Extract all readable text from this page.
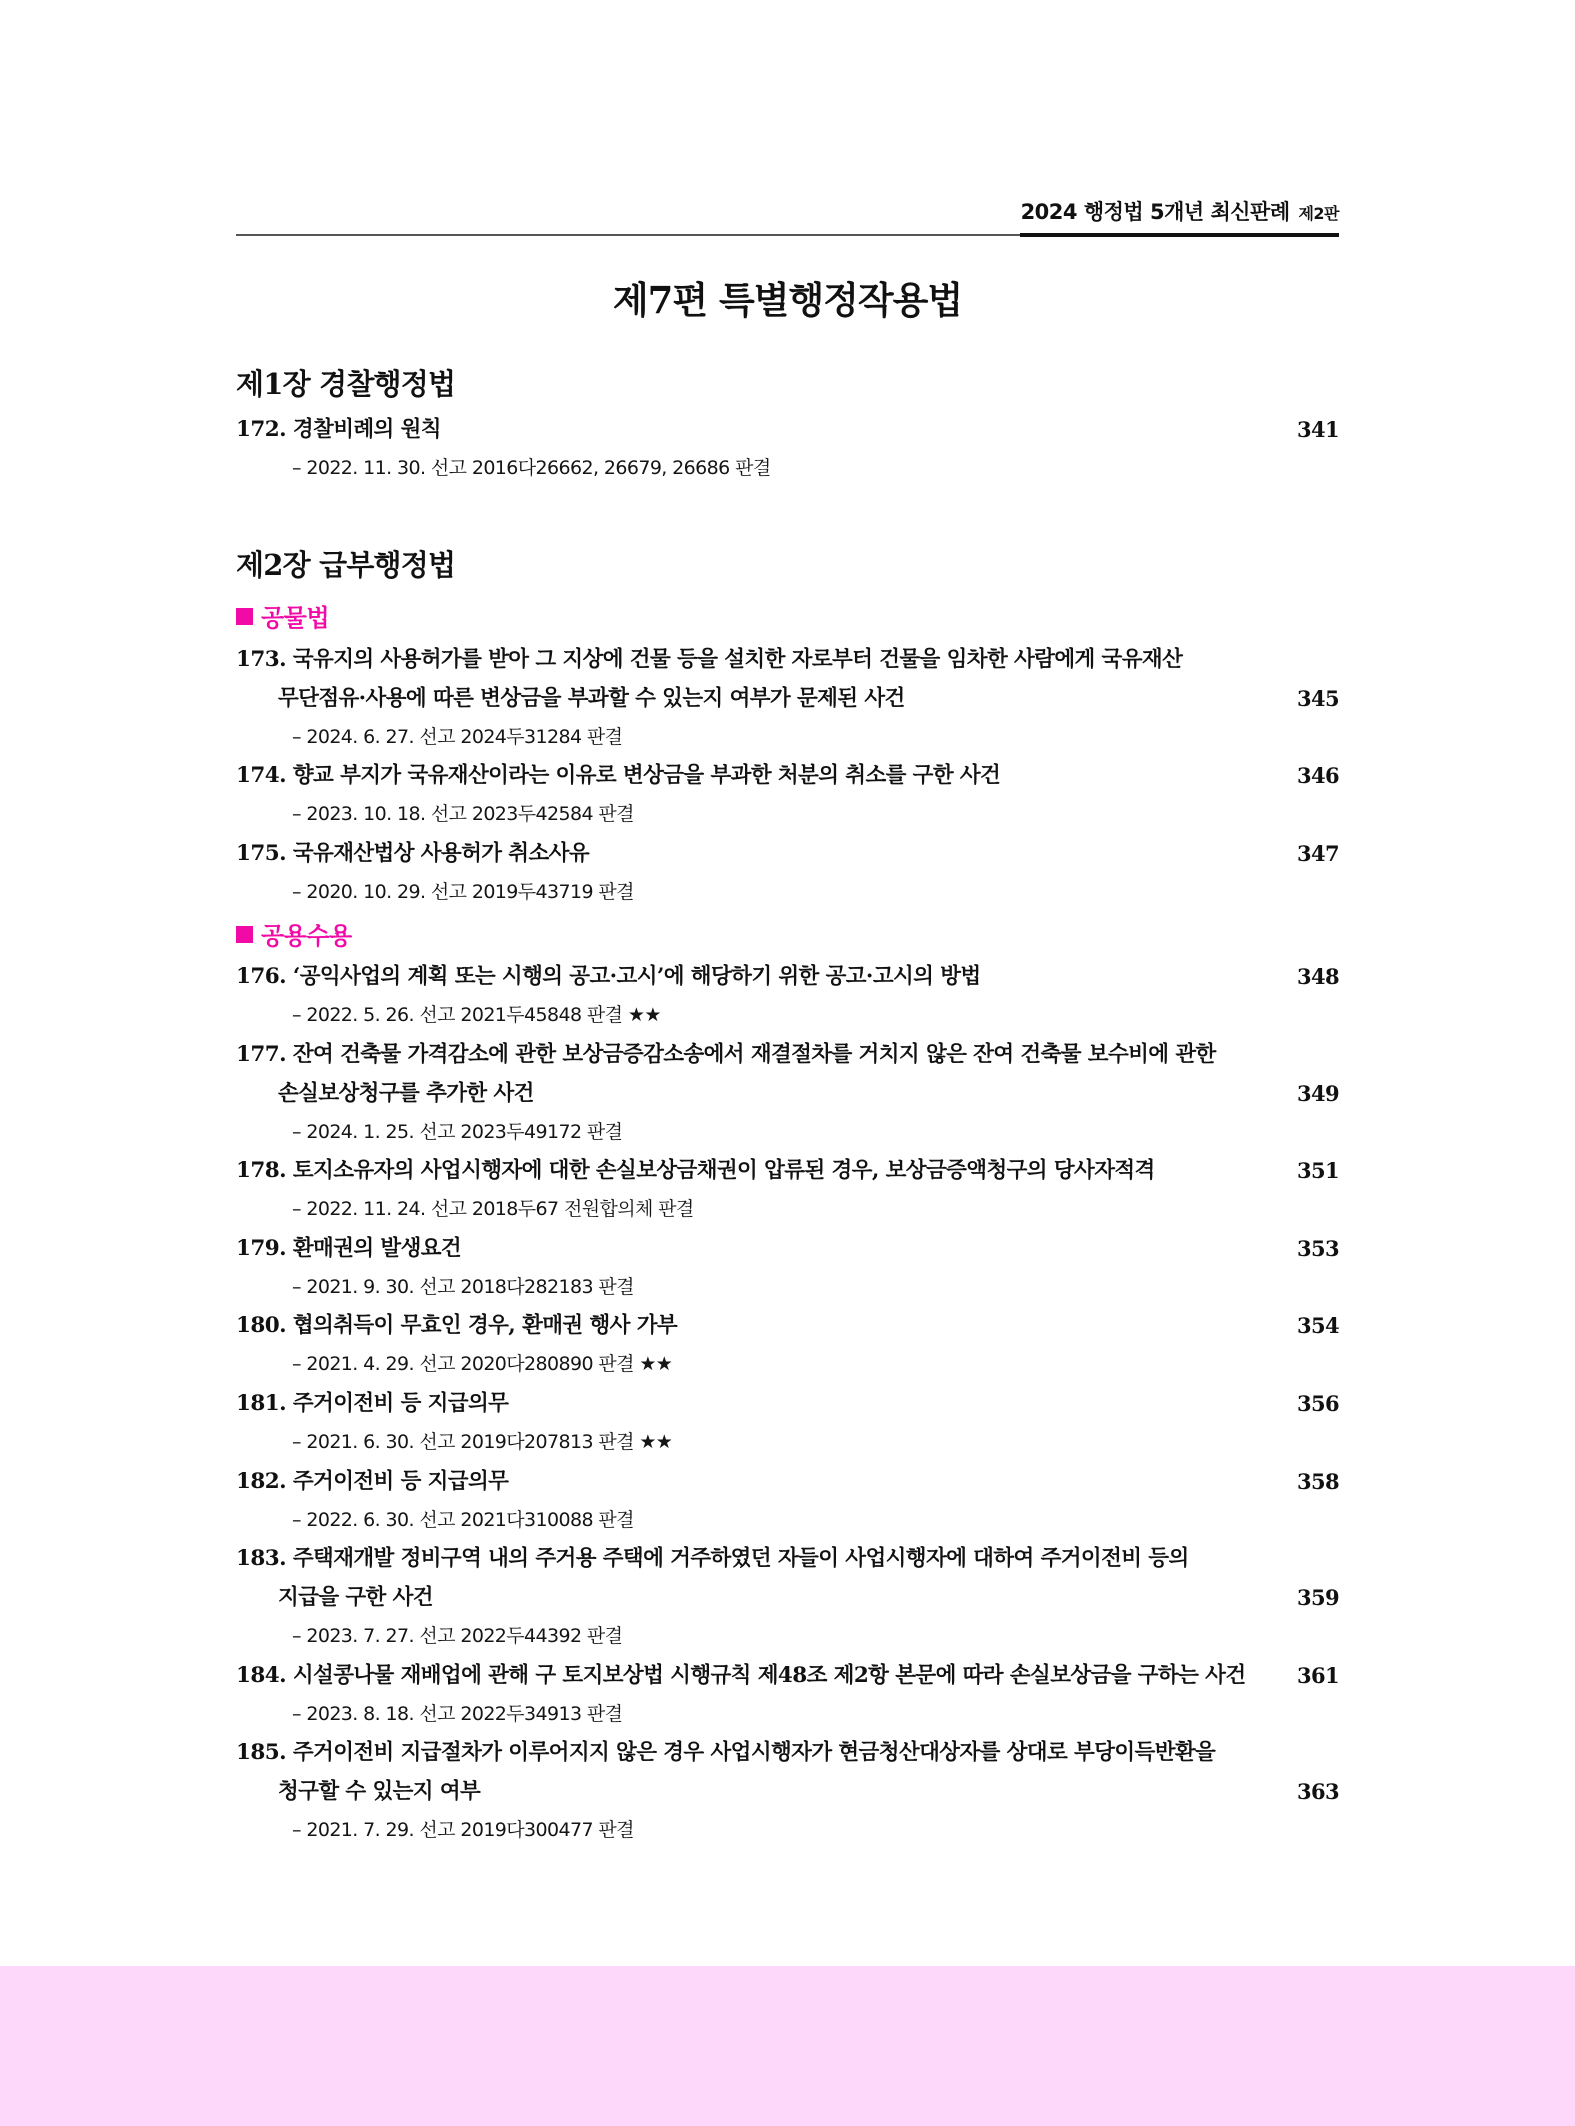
2024 행정법 5개년 최신판례 제2판
제7편 특별행정작용법
제1장 경찰행정법
172. 경찰비례의 원칙	341
– 2022. 11. 30. 선고 2016다26662, 26679, 26686 판결
제2장 급부행정법
공물법
173. 국유지의 사용허가를 받아 그 지상에 건물 등을 설치한 자로부터 건물을 임차한 사람에게 국유재산
무단점유·사용에 따른 변상금을 부과할 수 있는지 여부가 문제된 사건	345
– 2024. 6. 27. 선고 2024두31284 판결
174. 향교 부지가 국유재산이라는 이유로 변상금을 부과한 처분의 취소를 구한 사건	346
– 2023. 10. 18. 선고 2023두42584 판결
175. 국유재산법상 사용허가 취소사유	347
– 2020. 10. 29. 선고 2019두43719 판결
공용수용
176. ‘공익사업의 계획 또는 시행의 공고·고시’에 해당하기 위한 공고·고시의 방법	348
– 2022. 5. 26. 선고 2021두45848 판결 ★★
177. 잔여 건축물 가격감소에 관한 보상금증감소송에서 재결절차를 거치지 않은 잔여 건축물 보수비에 관한
손실보상청구를 추가한 사건	349
– 2024. 1. 25. 선고 2023두49172 판결
178. 토지소유자의 사업시행자에 대한 손실보상금채권이 압류된 경우, 보상금증액청구의 당사자적격	351
– 2022. 11. 24. 선고 2018두67 전원합의체 판결
179. 환매권의 발생요건	353
– 2021. 9. 30. 선고 2018다282183 판결
180. 협의취득이 무효인 경우, 환매권 행사 가부	354
– 2021. 4. 29. 선고 2020다280890 판결 ★★
181. 주거이전비 등 지급의무	356
– 2021. 6. 30. 선고 2019다207813 판결 ★★
182. 주거이전비 등 지급의무	358
– 2022. 6. 30. 선고 2021다310088 판결
183. 주택재개발 정비구역 내의 주거용 주택에 거주하였던 자들이 사업시행자에 대하여 주거이전비 등의
지급을 구한 사건	359
– 2023. 7. 27. 선고 2022두44392 판결
184. 시설콩나물 재배업에 관해 구 토지보상법 시행규칙 제48조 제2항 본문에 따라 손실보상금을 구하는 사건 361
– 2023. 8. 18. 선고 2022두34913 판결
185. 주거이전비 지급절차가 이루어지지 않은 경우 사업시행자가 현금청산대상자를 상대로 부당이득반환을
청구할 수 있는지 여부	363
– 2021. 7. 29. 선고 2019다300477 판결
